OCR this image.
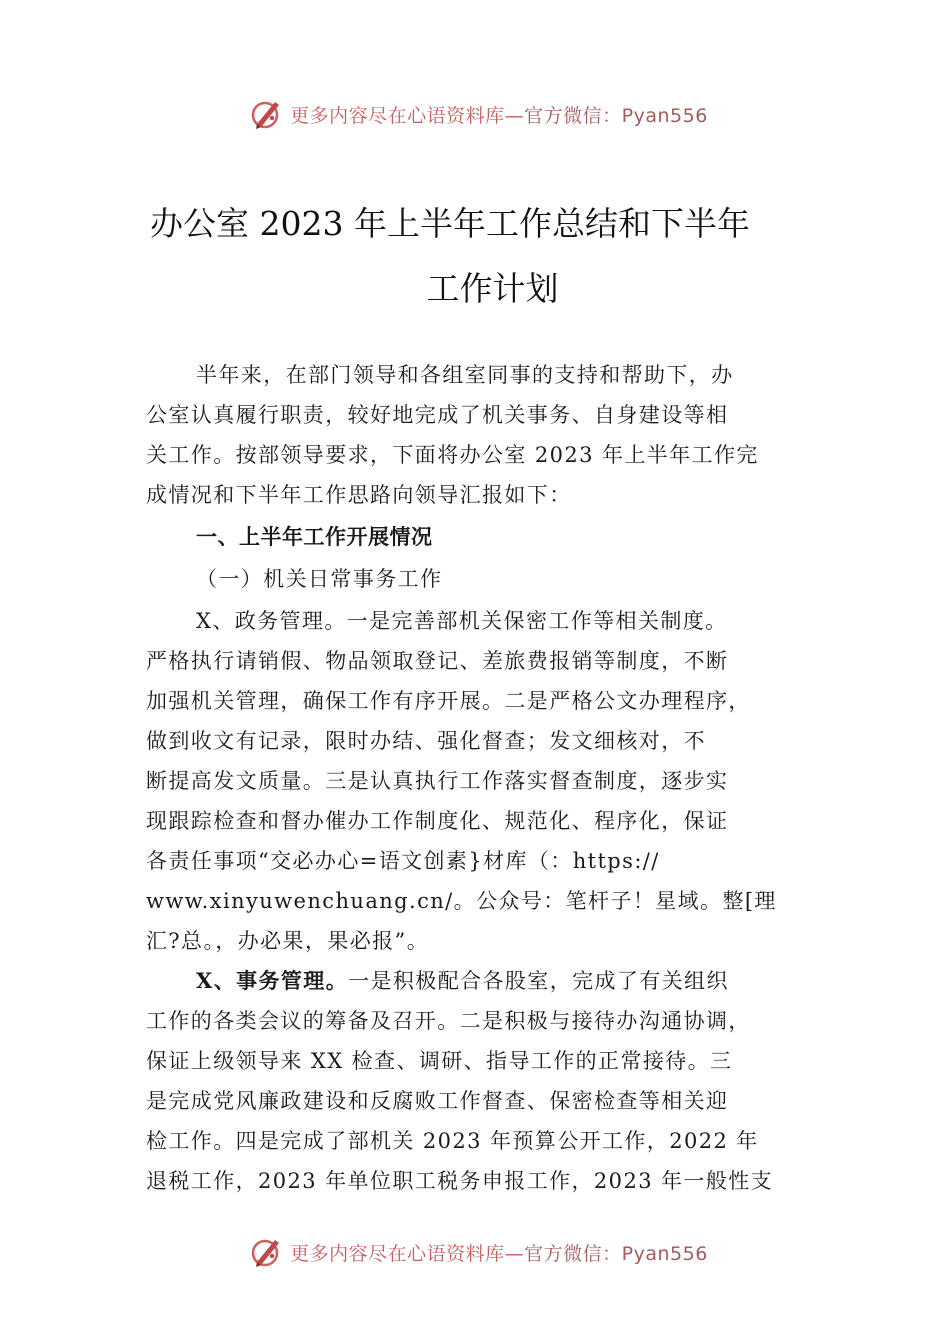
更多内容尽在心语资料库—官方微信：Pyan556
办公室 2023 年上半年工作总结和下半年
工作计划
半年来，在部门领导和各组室同事的支持和帮助下，办
公室认真履行职责，较好地完成了机关事务、自身建设等相
关工作。按部领导要求，下面将办公室 2023 年上半年工作完
成情况和下半年工作思路向领导汇报如下：
一、上半年工作开展情况
（一）机关日常事务工作
X、政务管理。一是完善部机关保密工作等相关制度。
严格执行请销假、物品领取登记、差旅费报销等制度，不断
加强机关管理，确保工作有序开展。二是严格公文办理程序，
做到收文有记录，限时办结、强化督查；发文细核对，不
断提高发文质量。三是认真执行工作落实督查制度，逐步实
现跟踪检查和督办催办工作制度化、规范化、程序化，保证
各责任事项“交必办心=语文创素}材库（：https://
www.xinyuwenchuang.cn/。公众号：笔杆子！星域。整[理
汇?总。，办必果，果必报”。
X、事务管理。一是积极配合各股室，完成了有关组织
工作的各类会议的筹备及召开。二是积极与接待办沟通协调，
保证上级领导来 XX 检查、调研、指导工作的正常接待。三
是完成党风廉政建设和反腐败工作督查、保密检查等相关迎
检工作。四是完成了部机关 2023 年预算公开工作，2022 年
退税工作，2023 年单位职工税务申报工作，2023 年一般性支
更多内容尽在心语资料库—官方微信：Pyan556
